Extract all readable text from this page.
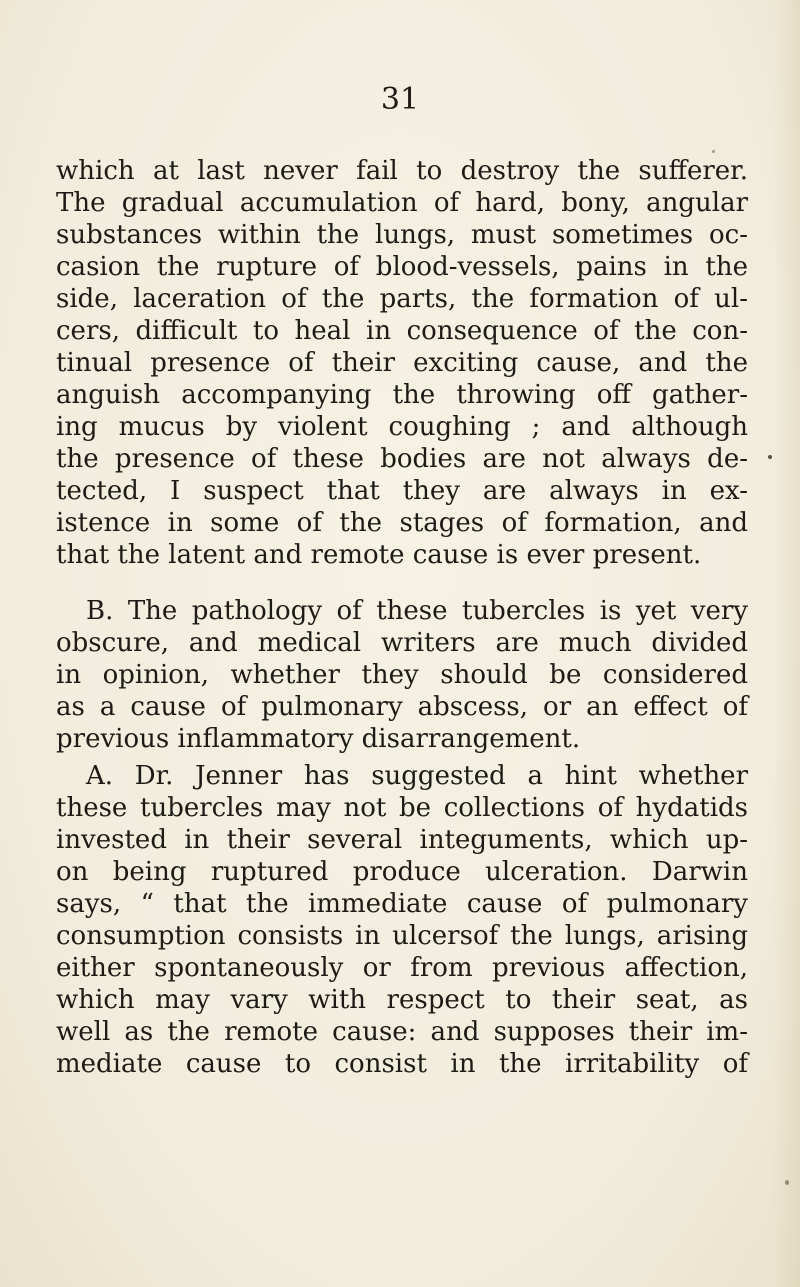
31
which at last never fail to destroy the sufferer.
The gradual accumulation of hard, bony, angular
substances within the lungs, must sometimes oc-
casion the rupture of blood-vessels, pains in the
side, laceration of the parts, the formation of ul-
cers, difficult to heal in consequence of the con-
tinual presence of their exciting cause, and the
anguish accompanying the throwing off gather-
ing mucus by violent coughing ; and although
the presence of these bodies are not always de-
tected, I suspect that they are always in ex-
istence in some of the stages of formation, and
that the latent and remote cause is ever present.
B. The pathology of these tubercles is yet very
obscure, and medical writers are much divided
in opinion, whether they should be considered
as a cause of pulmonary abscess, or an effect of
previous inflammatory disarrangement.
A. Dr. Jenner has suggested a hint whether
these tubercles may not be collections of hydatids
invested in their several integuments, which up-
on being ruptured produce ulceration. Darwin
says, “ that the immediate cause of pulmonary
consumption consists in ulcersof the lungs, arising
either spontaneously or from previous affection,
which may vary with respect to their seat, as
well as the remote cause: and supposes their im-
mediate cause to consist in the irritability of
